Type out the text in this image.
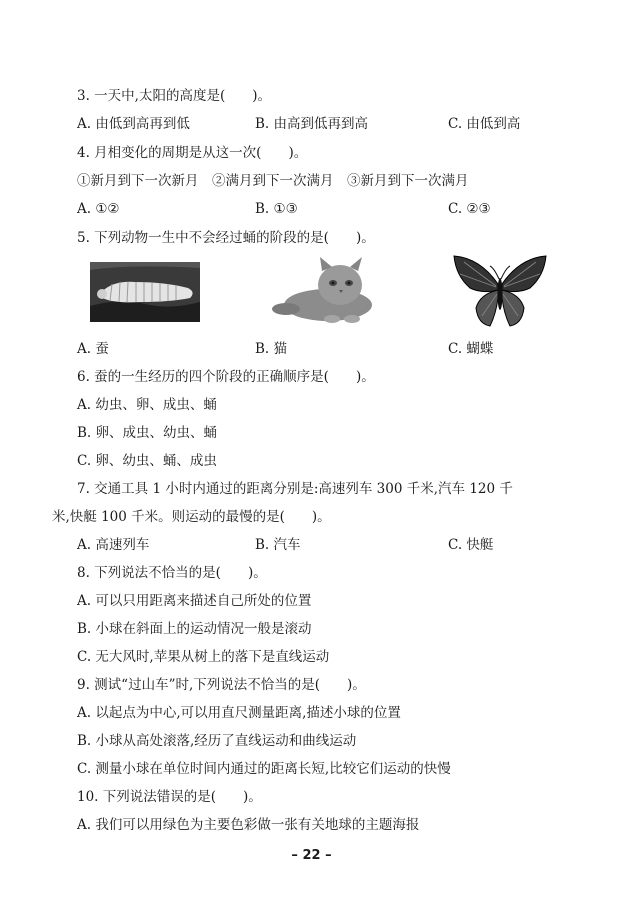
3. 一天中,太阳的高度是(　　)。
A. 由低到高再到低	B. 由高到低再到高	C. 由低到高
4. 月相变化的周期是从这一次(　　)。
①新月到下一次新月　②满月到下一次满月　③新月到下一次满月
A. ①②	B. ①③	C. ②③
5. 下列动物一生中不会经过蛹的阶段的是(　　)。
A. 蚕	B. 猫	C. 蝴蝶
6. 蚕的一生经历的四个阶段的正确顺序是(　　)。
A. 幼虫、卵、成虫、蛹
B. 卵、成虫、幼虫、蛹
C. 卵、幼虫、蛹、成虫
7. 交通工具 1 小时内通过的距离分别是:高速列车 300 千米,汽车 120 千
米,快艇 100 千米。则运动的最慢的是(　　)。
A. 高速列车	B. 汽车	C. 快艇
8. 下列说法不恰当的是(　　)。
A. 可以只用距离来描述自己所处的位置
B. 小球在斜面上的运动情况一般是滚动
C. 无大风时,苹果从树上的落下是直线运动
9. 测试“过山车”时,下列说法不恰当的是(　　)。
A. 以起点为中心,可以用直尺测量距离,描述小球的位置
B. 小球从高处滚落,经历了直线运动和曲线运动
C. 测量小球在单位时间内通过的距离长短,比较它们运动的快慢
10. 下列说法错误的是(　　)。
A. 我们可以用绿色为主要色彩做一张有关地球的主题海报
– 22 –
